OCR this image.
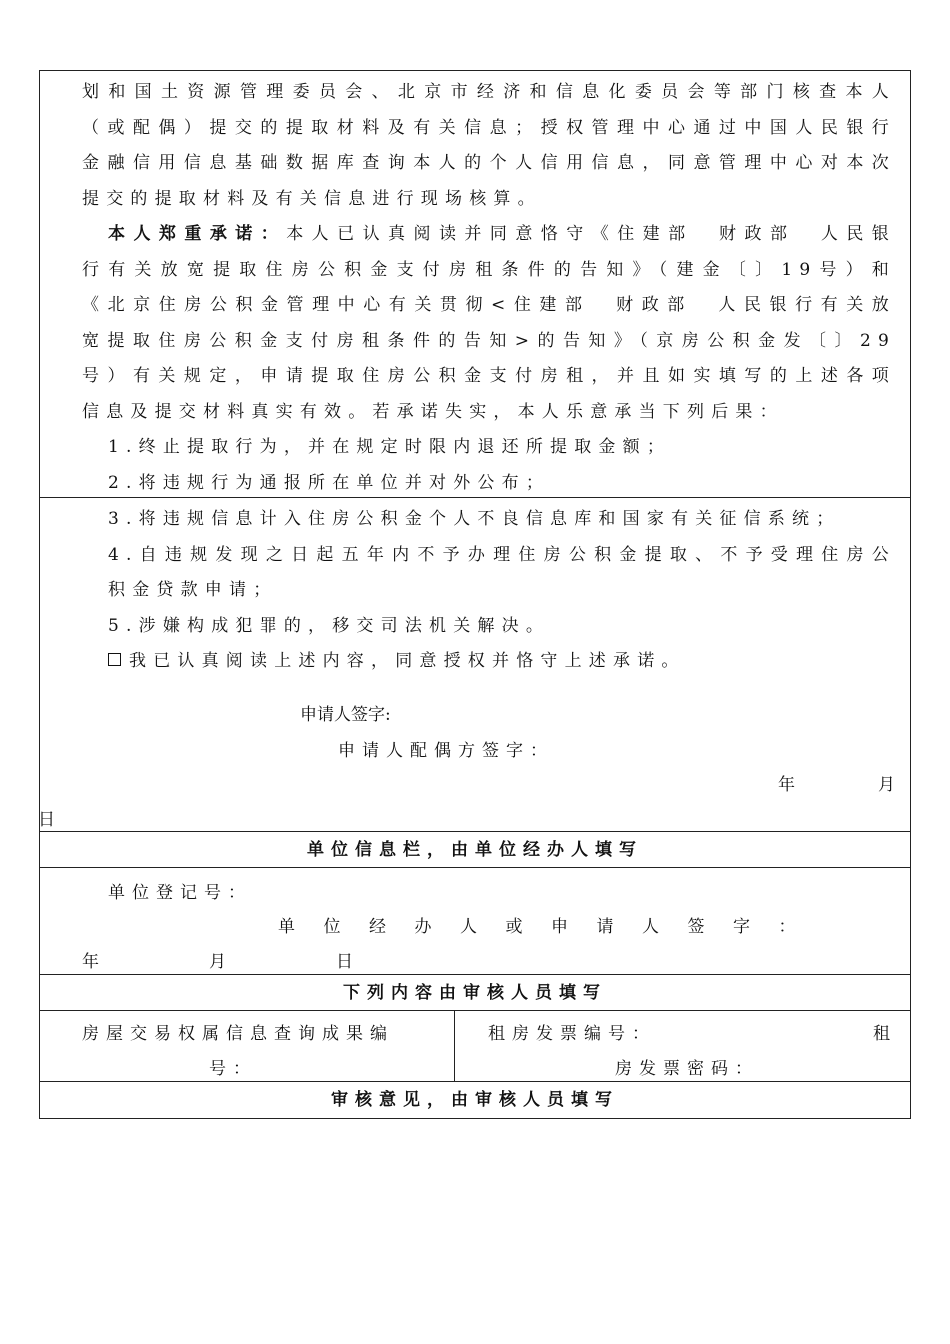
划和国土资源管理委员会、北京市经济和信息化委员会等部门核查本人

（或配偶）提交的提取材料及有关信息；授权管理中心通过中国人民银行

金融信用信息基础数据库查询本人的个人信用信息，同意管理中心对本次

提交的提取材料及有关信息进行现场核算。

本人郑重承诺：本人已认真阅读并同意恪守《住建部　财政部　人民银

行有关放宽提取住房公积金支付房租条件的告知》（建金〔〕19号）和

《北京住房公积金管理中心有关贯彻<住建部　财政部　人民银行有关放

宽提取住房公积金支付房租条件的告知>的告知》（京房公积金发〔〕29

号）有关规定，申请提取住房公积金支付房租，并且如实填写的上述各项

信息及提交材料真实有效。若承诺失实，本人乐意承当下列后果：

1.终止提取行为，并在规定时限内退还所提取金额；

2.将违规行为通报所在单位并对外公布；

3.将违规信息计入住房公积金个人不良信息库和国家有关征信系统；

4.自违规发现之日起五年内不予办理住房公积金提取、不予受理住房公

积金贷款申请；

5.涉嫌构成犯罪的，移交司法机关解决。

我已认真阅读上述内容，同意授权并恪守上述承诺。

申请人签字:
申请人配偶方签字：
年	月
日
单位信息栏，由单位经办人填写
单位登记号：
单位经办人或申请人签字：
年	月	日
下列内容由审核人员填写
房屋交易权属信息查询成果编
号：
租房发票编号：	租
房发票密码：
审核意见，由审核人员填写
